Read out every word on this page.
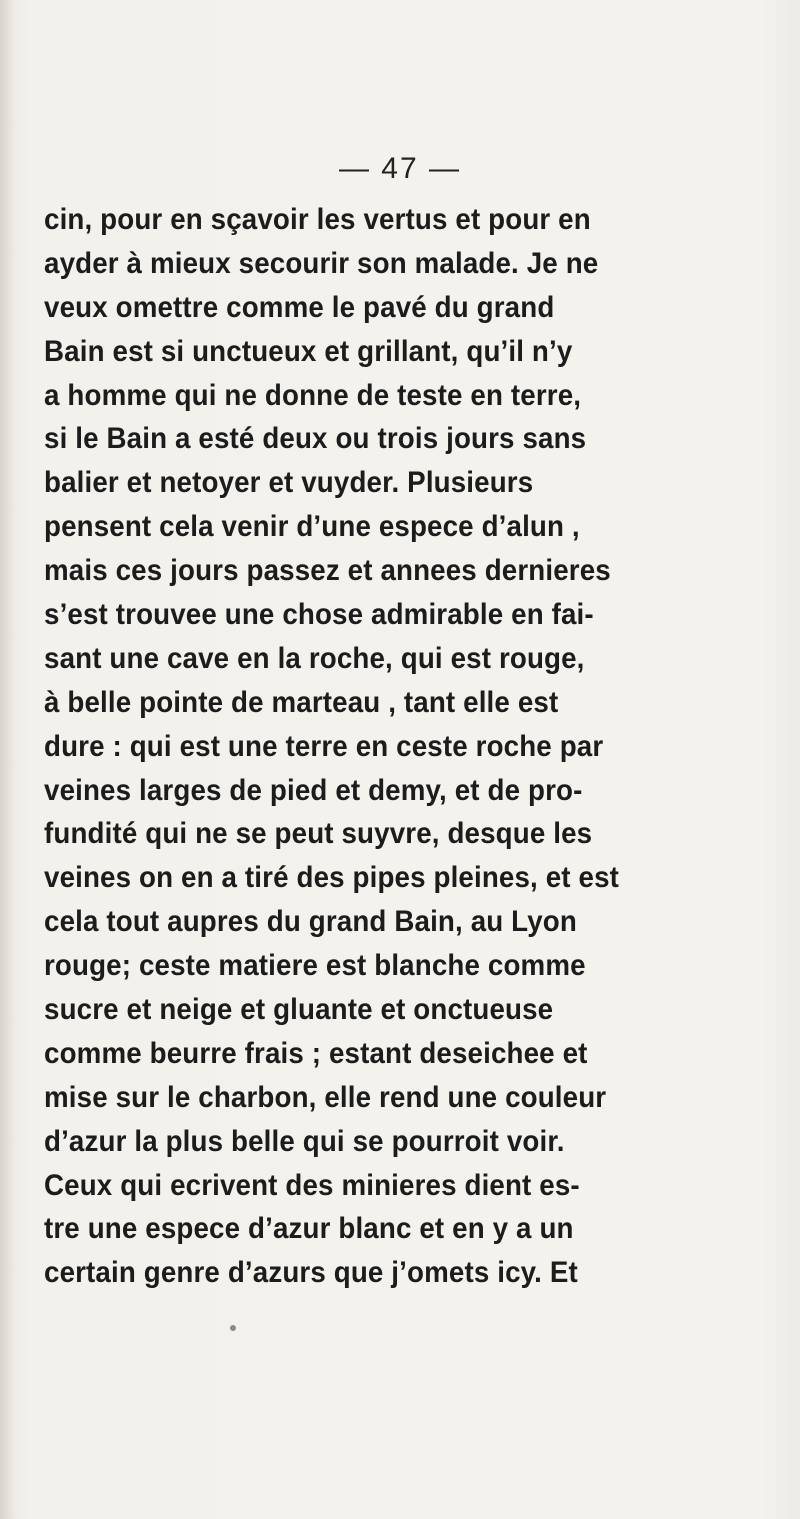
— 47 —
cin, pour en sçavoir les vertus et pour en
ayder à mieux secourir son malade. Je ne
veux omettre comme le pavé du grand
Bain est si unctueux et grillant, qu’il n’y
a homme qui ne donne de teste en terre,
si le Bain a esté deux ou trois jours sans
balier et netoyer et vuyder. Plusieurs
pensent cela venir d’une espece d’alun ,
mais ces jours passez et annees dernieres
s’est trouvee une chose admirable en fai-
sant une cave en la roche, qui est rouge,
à belle pointe de marteau , tant elle est
dure : qui est une terre en ceste roche par
veines larges de pied et demy, et de pro-
fundité qui ne se peut suyvre, desque les
veines on en a tiré des pipes pleines, et est
cela tout aupres du grand Bain, au Lyon
rouge; ceste matiere est blanche comme
sucre et neige et gluante et onctueuse
comme beurre frais ; estant deseichee et
mise sur le charbon, elle rend une couleur
d’azur la plus belle qui se pourroit voir.
Ceux qui ecrivent des minieres dient es-
tre une espece d’azur blanc et en y a un
certain genre d’azurs que j’omets icy. Et
